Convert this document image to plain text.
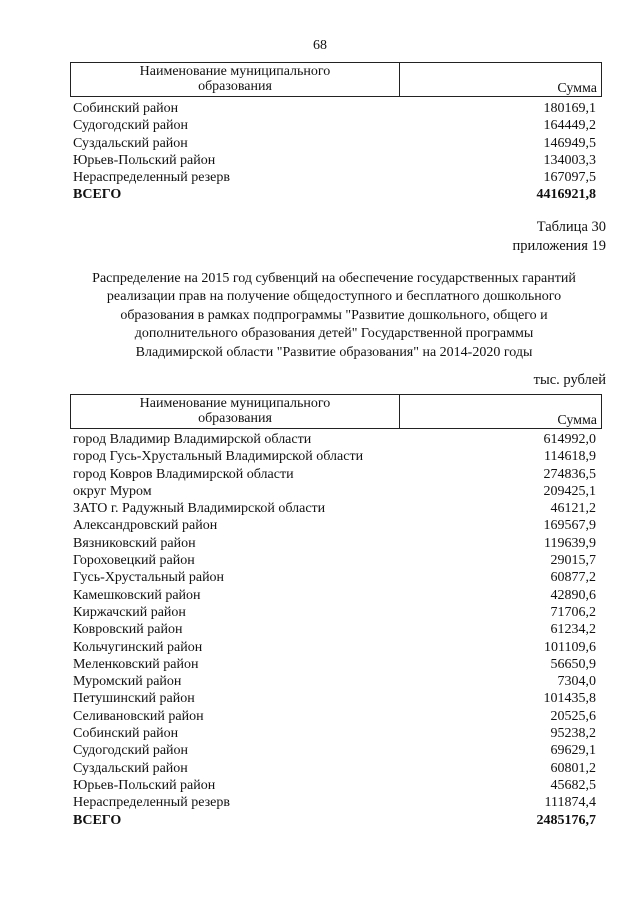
68
Наименование муниципального
образования	Сумма
Собинский район	180169,1
Судогодский район	164449,2
Суздальский район	146949,5
Юрьев-Польский район	134003,3
Нераспределенный резерв	167097,5
ВСЕГО	4416921,8
Таблица 30
приложения 19
Распределение на 2015 год субвенций на обеспечение государственных гарантий
реализации прав на получение общедоступного и бесплатного дошкольного
образования в рамках подпрограммы "Развитие дошкольного, общего и
дополнительного образования детей" Государственной программы
Владимирской области "Развитие образования" на 2014-2020 годы
тыс. рублей
Наименование муниципального
образования	Сумма
город Владимир Владимирской области	614992,0
город Гусь-Хрустальный Владимирской области	114618,9
город Ковров Владимирской области	274836,5
округ Муром	209425,1
ЗАТО г. Радужный Владимирской области	46121,2
Александровский район	169567,9
Вязниковский район	119639,9
Гороховецкий район	29015,7
Гусь-Хрустальный район	60877,2
Камешковский район	42890,6
Киржачский район	71706,2
Ковровский район	61234,2
Кольчугинский район	101109,6
Меленковский район	56650,9
Муромский район	7304,0
Петушинский район	101435,8
Селивановский район	20525,6
Собинский район	95238,2
Судогодский район	69629,1
Суздальский район	60801,2
Юрьев-Польский район	45682,5
Нераспределенный резерв	111874,4
ВСЕГО	2485176,7
